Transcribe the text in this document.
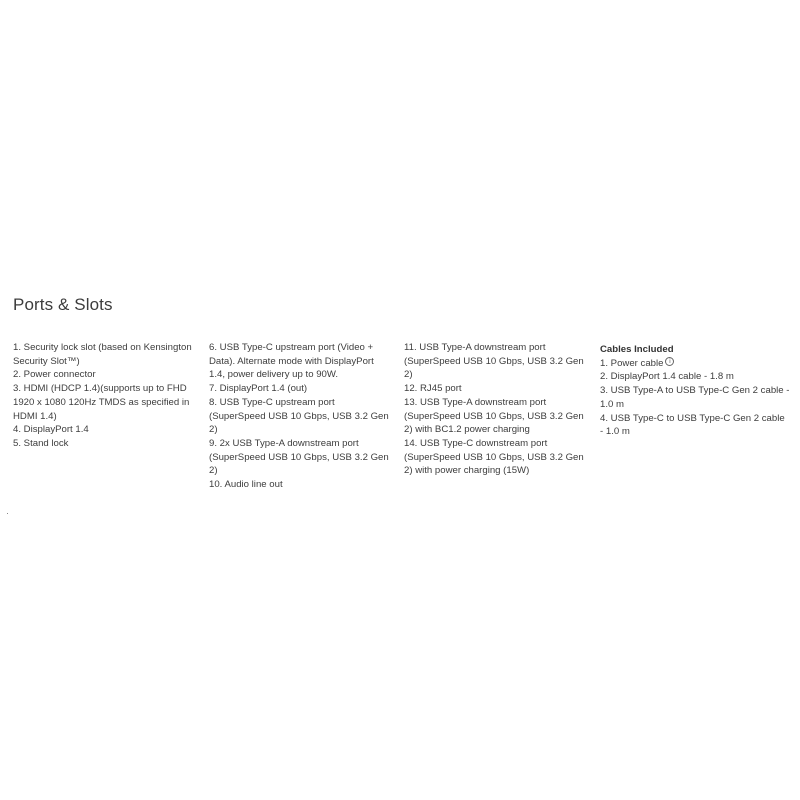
Ports & Slots
1. Security lock slot (based on Kensington Security Slot™)
2. Power connector
3. HDMI (HDCP 1.4)(supports up to FHD 1920 x 1080 120Hz TMDS as specified in HDMI 1.4)
4. DisplayPort 1.4
5. Stand lock
6. USB Type-C upstream port (Video + Data). Alternate mode with DisplayPort 1.4, power delivery up to 90W.
7. DisplayPort 1.4 (out)
8. USB Type-C upstream port (SuperSpeed USB 10 Gbps, USB 3.2 Gen 2)
9. 2x USB Type-A downstream port (SuperSpeed USB 10 Gbps, USB 3.2 Gen 2)
10. Audio line out
11. USB Type-A downstream port (SuperSpeed USB 10 Gbps, USB 3.2 Gen 2)
12. RJ45 port
13. USB Type-A downstream port (SuperSpeed USB 10 Gbps, USB 3.2 Gen 2) with BC1.2 power charging
14. USB Type-C downstream port (SuperSpeed USB 10 Gbps, USB 3.2 Gen 2) with power charging (15W)

Cables Included

1. Power cable i
2. DisplayPort 1.4 cable - 1.8 m
3. USB Type-A to USB Type-C Gen 2 cable - 1.0 m
4. USB Type-C to USB Type-C Gen 2 cable - 1.0 m
